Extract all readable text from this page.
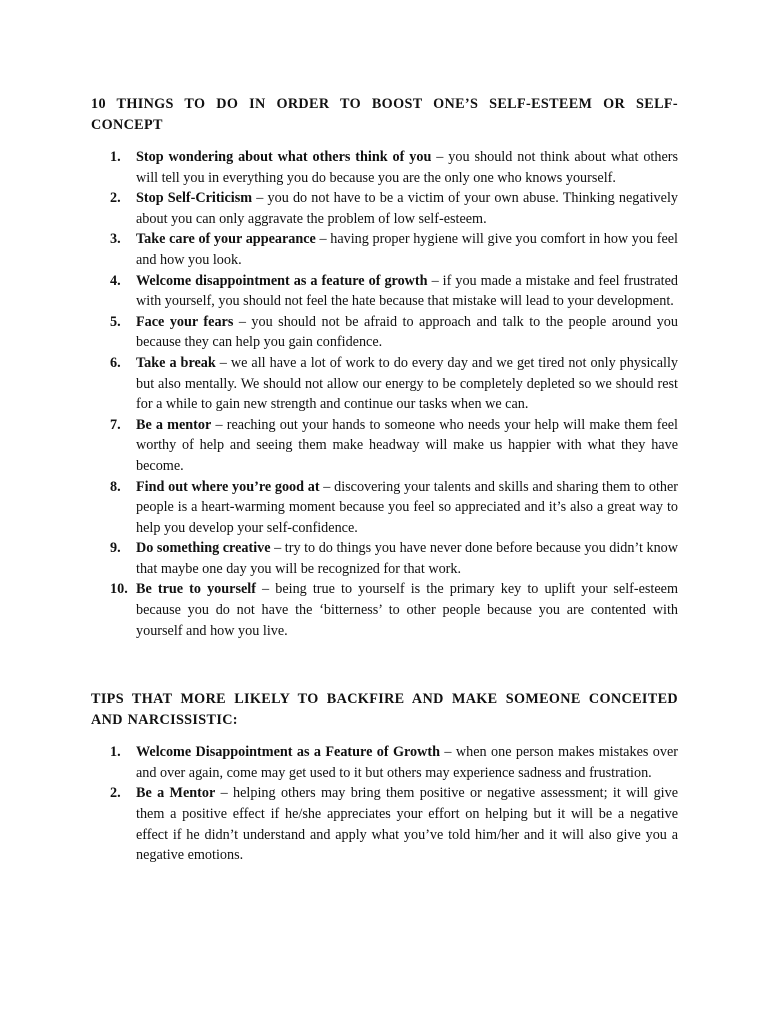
10 THINGS TO DO IN ORDER TO BOOST ONE’S SELF-ESTEEM OR SELF-CONCEPT

1. Stop wondering about what others think of you – you should not think about what others will tell you in everything you do because you are the only one who knows yourself.
2. Stop Self-Criticism – you do not have to be a victim of your own abuse. Thinking negatively about you can only aggravate the problem of low self-esteem.
3. Take care of your appearance – having proper hygiene will give you comfort in how you feel and how you look.
4. Welcome disappointment as a feature of growth – if you made a mistake and feel frustrated with yourself, you should not feel the hate because that mistake will lead to your development.
5. Face your fears – you should not be afraid to approach and talk to the people around you because they can help you gain confidence.
6. Take a break – we all have a lot of work to do every day and we get tired not only physically but also mentally. We should not allow our energy to be completely depleted so we should rest for a while to gain new strength and continue our tasks when we can.
7. Be a mentor – reaching out your hands to someone who needs your help will make them feel worthy of help and seeing them make headway will make us happier with what they have become.
8. Find out where you’re good at – discovering your talents and skills and sharing them to other people is a heart-warming moment because you feel so appreciated and it’s also a great way to help you develop your self-confidence.
9. Do something creative – try to do things you have never done before because you didn’t know that maybe one day you will be recognized for that work.
10. Be true to yourself – being true to yourself is the primary key to uplift your self-esteem because you do not have the ‘bitterness’ to other people because you are contented with yourself and how you live.

TIPS THAT MORE LIKELY TO BACKFIRE AND MAKE SOMEONE CONCEITED AND NARCISSISTIC:

1. Welcome Disappointment as a Feature of Growth – when one person makes mistakes over and over again, come may get used to it but others may experience sadness and frustration.
2. Be a Mentor – helping others may bring them positive or negative assessment; it will give them a positive effect if he/she appreciates your effort on helping but it will be a negative effect if he didn’t understand and apply what you’ve told him/her and it will also give you a negative emotions.
